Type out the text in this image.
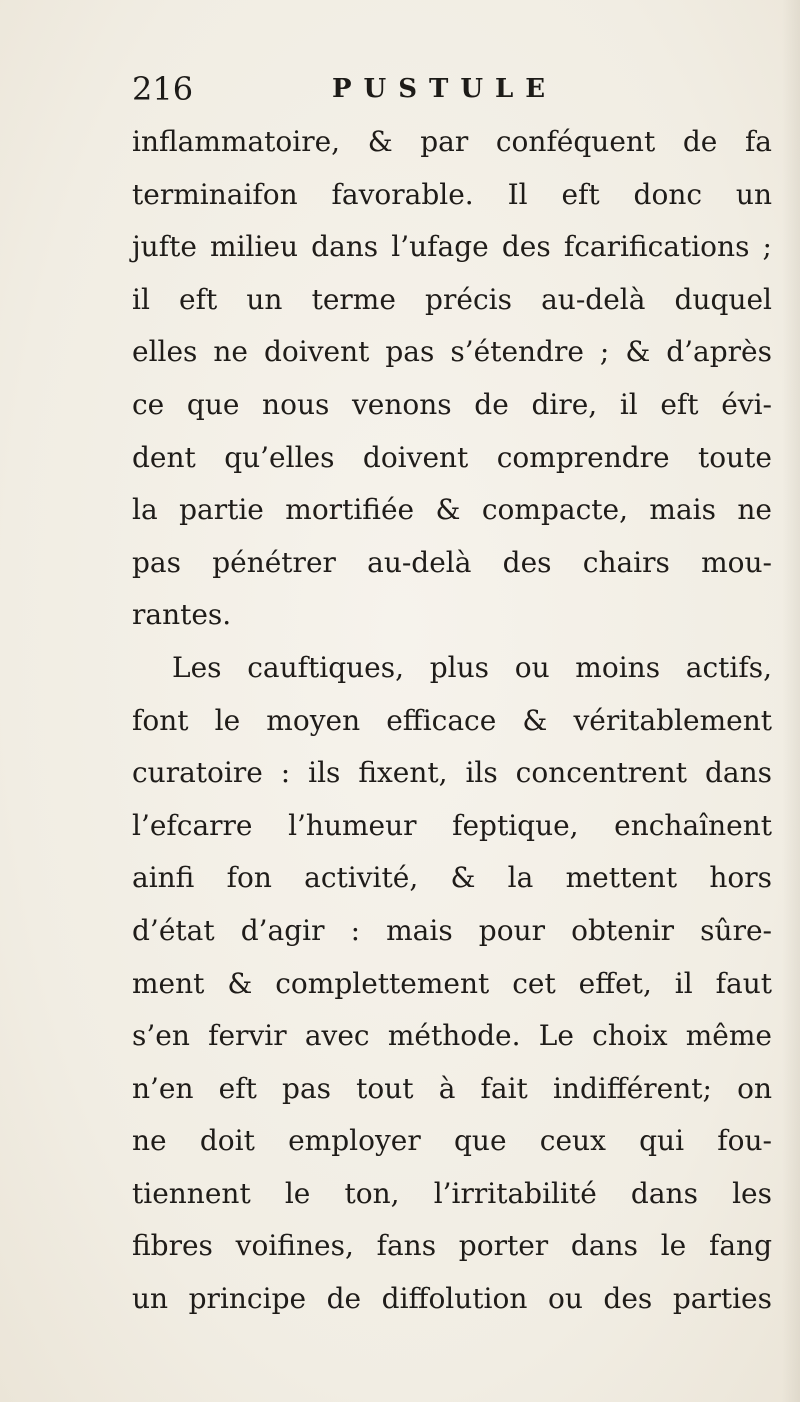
216	PUSTULE
inflammatoire, & par conféquent de fa
terminaifon favorable. Il eft donc un
jufte milieu dans l’ufage des fcarifications ;
il eft un terme précis au-delà duquel
elles ne doivent pas s’étendre ; & d’après
ce que nous venons de dire, il eft évi-
dent qu’elles doivent comprendre toute
la partie mortifiée & compacte, mais ne
pas pénétrer au-delà des chairs mou-
rantes.
Les cauftiques, plus ou moins actifs,
font le moyen efficace & véritablement
curatoire : ils fixent, ils concentrent dans
l’efcarre l’humeur feptique, enchaînent
ainfi fon activité, & la mettent hors
d’état d’agir : mais pour obtenir sûre-
ment & complettement cet effet, il faut
s’en fervir avec méthode. Le choix même
n’en eft pas tout à fait indifférent; on
ne doit employer que ceux qui fou-
tiennent le ton, l’irritabilité dans les
fibres voifines, fans porter dans le fang
un principe de diffolution ou des parties
